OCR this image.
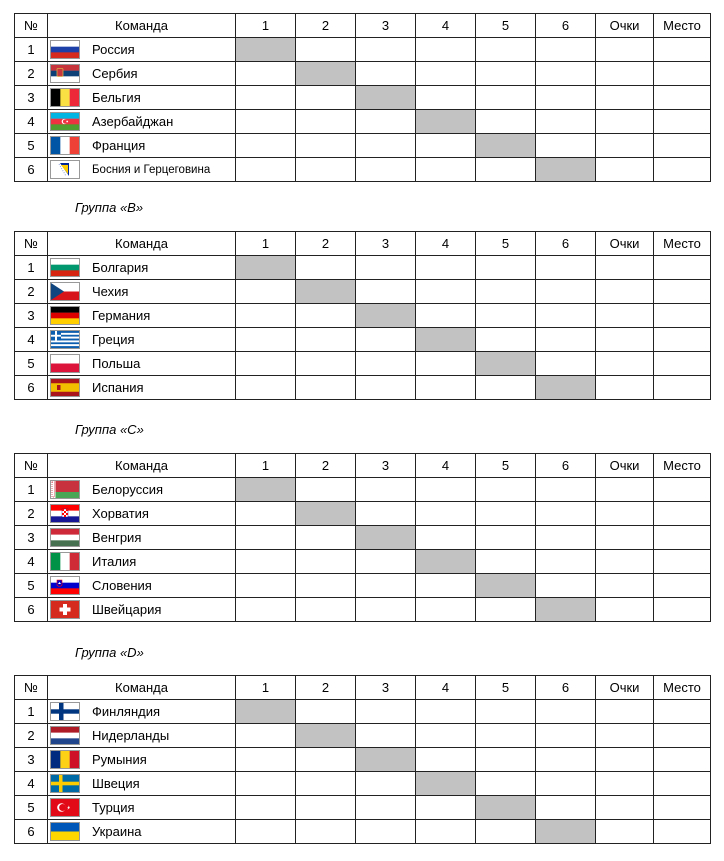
№	Команда	1	2	3	4	5	6	Очки	Место
1	Россия								

2	Сербия								

3	Бельгия								

4	Азербайджан								

5	Франция								

6	Босния и Герцеговина								

Группа «B»
№	Команда	1	2	3	4	5	6	Очки	Место
1	Болгария								

2	Чехия								

3	Германия								

4	Греция								

5	Польша								

6	Испания								

Группа «C»
№	Команда	1	2	3	4	5	6	Очки	Место
1	Белоруссия								

2	Хорватия								

3	Венгрия								

4	Италия								

5	Словения								

6	Швейцария								

Группа «D»
№	Команда	1	2	3	4	5	6	Очки	Место
1	Финляндия								

2	Нидерланды								

3	Румыния								

4	Швеция								

5	Турция								

6	Украина								
